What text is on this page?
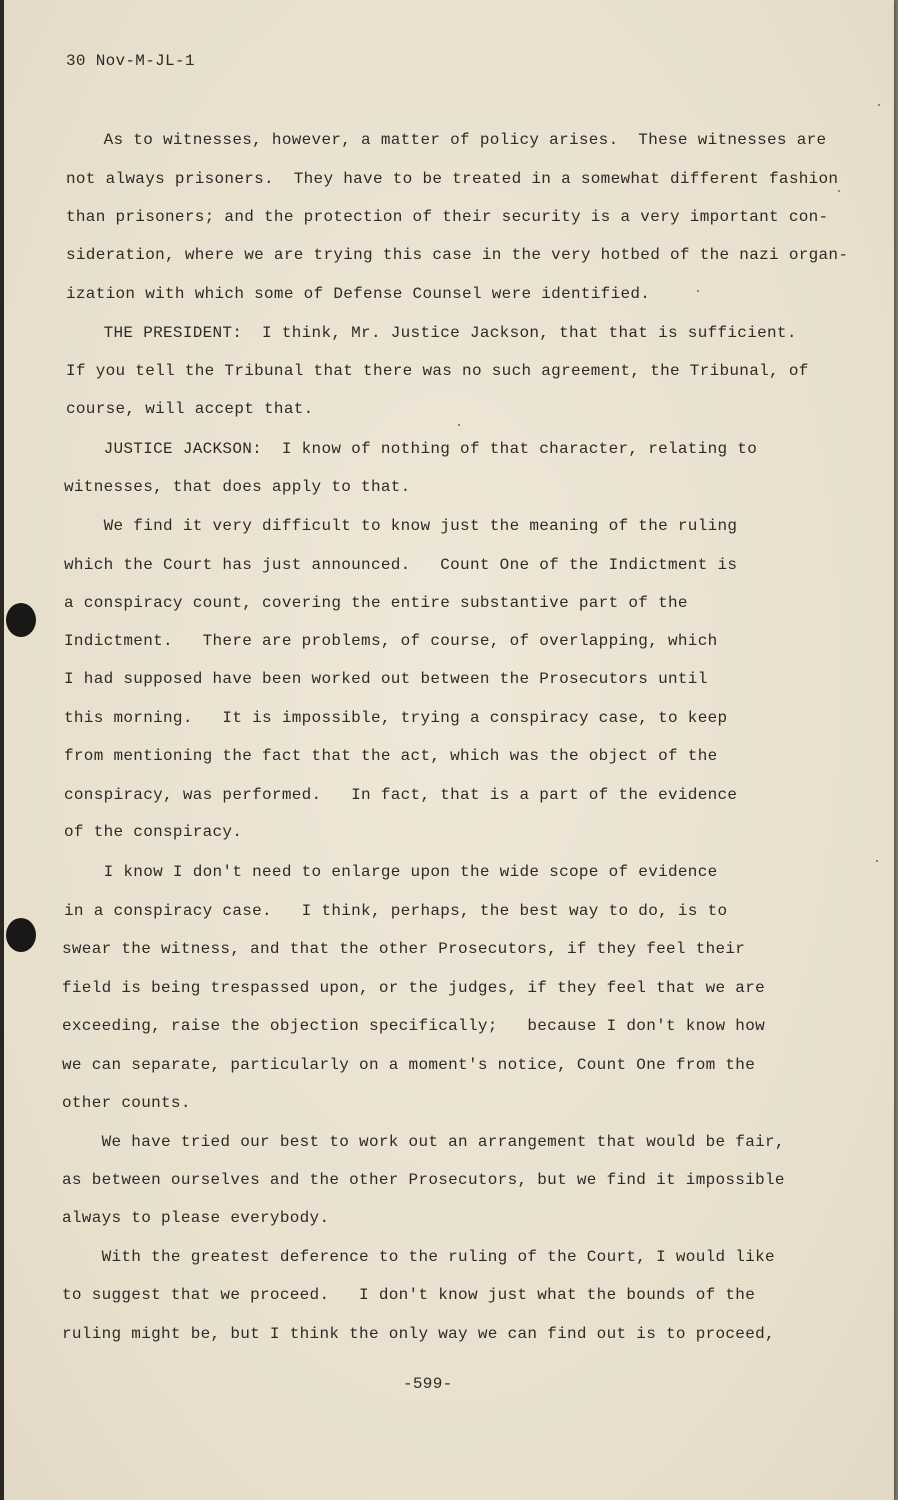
30 Nov-M-JL-1
As to witnesses, however, a matter of policy arises.  These witnesses are
not always prisoners.  They have to be treated in a somewhat different fashion
than prisoners; and the protection of their security is a very important con-
sideration, where we are trying this case in the very hotbed of the nazi organ-
ization with which some of Defense Counsel were identified.
THE PRESIDENT:  I think, Mr. Justice Jackson, that that is sufficient.
If you tell the Tribunal that there was no such agreement, the Tribunal, of
course, will accept that.
JUSTICE JACKSON:  I know of nothing of that character, relating to
witnesses, that does apply to that.
We find it very difficult to know just the meaning of the ruling
which the Court has just announced.   Count One of the Indictment is
a conspiracy count, covering the entire substantive part of the
Indictment.   There are problems, of course, of overlapping, which
I had supposed have been worked out between the Prosecutors until
this morning.   It is impossible, trying a conspiracy case, to keep
from mentioning the fact that the act, which was the object of the
conspiracy, was performed.   In fact, that is a part of the evidence
of the conspiracy.
I know I don't need to enlarge upon the wide scope of evidence
in a conspiracy case.   I think, perhaps, the best way to do, is to
swear the witness, and that the other Prosecutors, if they feel their
field is being trespassed upon, or the judges, if they feel that we are
exceeding, raise the objection specifically;   because I don't know how
we can separate, particularly on a moment's notice, Count One from the
other counts.
We have tried our best to work out an arrangement that would be fair,
as between ourselves and the other Prosecutors, but we find it impossible
always to please everybody.
With the greatest deference to the ruling of the Court, I would like
to suggest that we proceed.   I don't know just what the bounds of the
ruling might be, but I think the only way we can find out is to proceed,
-599-
